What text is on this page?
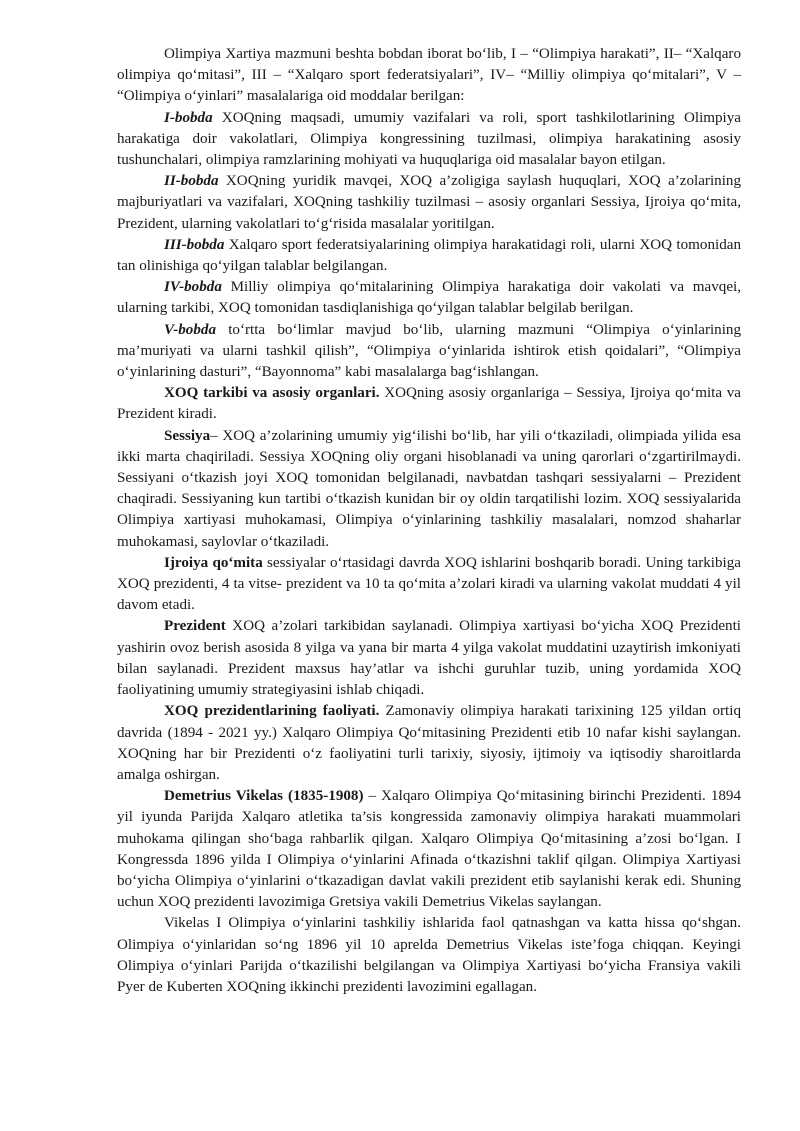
Olimpiya Xartiya mazmuni beshta bobdan iborat bo‘lib, I – “Olimpiya harakati”, II– “Xalqaro olimpiya qo‘mitasi”, III – “Xalqaro sport federatsiyalari”, IV– “Milliy olimpiya qo‘mitalari”, V – “Olimpiya o‘yinlari” masalalariga oid moddalar berilgan:

I-bobda XOQning maqsadi, umumiy vazifalari va roli, sport tashkilotlarining Olimpiya harakatiga doir vakolatlari, Olimpiya kongressining tuzilmasi, olimpiya harakatining asosiy tushunchalari, olimpiya ramzlarining mohiyati va huquqlariga oid masalalar bayon etilgan.

II-bobda XOQning yuridik mavqei, XOQ a’zoligiga saylash huquqlari, XOQ a’zolarining majburiyatlari va vazifalari, XOQning tashkiliy tuzilmasi – asosiy organlari Sessiya, Ijroiya qo‘mita, Prezident, ularning vakolatlari to‘g‘risida masalalar yoritilgan.

III-bobda Xalqaro sport federatsiyalarining olimpiya harakatidagi roli, ularni XOQ tomonidan tan olinishiga qo‘yilgan talablar belgilangan.

IV-bobda Milliy olimpiya qo‘mitalarining Olimpiya harakatiga doir vakolati va mavqei, ularning tarkibi, XOQ tomonidan tasdiqlanishiga qo‘yilgan talablar belgilab berilgan.

V-bobda to‘rtta bo‘limlar mavjud bo‘lib, ularning mazmuni “Olimpiya o‘yinlarining ma’muriyati va ularni tashkil qilish”, “Olimpiya o‘yinlarida ishtirok etish qoidalari”, “Olimpiya o‘yinlarining dasturi”, “Bayonnoma” kabi masalalarga bag‘ishlangan.

XOQ tarkibi va asosiy organlari. XOQning asosiy organlariga – Sessiya, Ijroiya qo‘mita va Prezident kiradi.

Sessiya– XOQ a’zolarining umumiy yig‘ilishi bo‘lib, har yili o‘tkaziladi, olimpiada yilida esa ikki marta chaqiriladi. Sessiya XOQning oliy organi hisoblanadi va uning qarorlari o‘zgartirilmaydi. Sessiyani o‘tkazish joyi XOQ tomonidan belgilanadi, navbatdan tashqari sessiyalarni – Prezident chaqiradi. Sessiyaning kun tartibi o‘tkazish kunidan bir oy oldin tarqatilishi lozim. XOQ sessiyalarida Olimpiya xartiyasi muhokamasi, Olimpiya o‘yinlarining tashkiliy masalalari, nomzod shaharlar muhokamasi, saylovlar o‘tkaziladi.

Ijroiya qo‘mita sessiyalar o‘rtasidagi davrda XOQ ishlarini boshqarib boradi. Uning tarkibiga XOQ prezidenti, 4 ta vitse- prezident va 10 ta qo‘mita a’zolari kiradi va ularning vakolat muddati 4 yil davom etadi.

Prezident XOQ a’zolari tarkibidan saylanadi. Olimpiya xartiyasi bo‘yicha XOQ Prezidenti yashirin ovoz berish asosida 8 yilga va yana bir marta 4 yilga vakolat muddatini uzaytirish imkoniyati bilan saylanadi. Prezident maxsus hay’atlar va ishchi guruhlar tuzib, uning yordamida XOQ faoliyatining umumiy strategiyasini ishlab chiqadi.

XOQ prezidentlarining faoliyati. Zamonaviy olimpiya harakati tarixining 125 yildan ortiq davrida (1894 - 2021 yy.) Xalqaro Olimpiya Qo‘mitasining Prezidenti etib 10 nafar kishi saylangan. XOQning har bir Prezidenti o‘z faoliyatini turli tarixiy, siyosiy, ijtimoiy va iqtisodiy sharoitlarda amalga oshirgan.

Demetrius Vikelas (1835-1908) – Xalqaro Olimpiya Qo‘mitasining birinchi Prezidenti. 1894 yil iyunda Parijda Xalqaro atletika ta’sis kongressida zamonaviy olimpiya harakati muammolari muhokama qilingan sho‘baga rahbarlik qilgan. Xalqaro Olimpiya Qo‘mitasining a’zosi bo‘lgan. I Kongressda 1896 yilda I Olimpiya o‘yinlarini Afinada o‘tkazishni taklif qilgan. Olimpiya Xartiyasi bo‘yicha Olimpiya o‘yinlarini o‘tkazadigan davlat vakili prezident etib saylanishi kerak edi. Shuning uchun XOQ prezidenti lavozimiga Gretsiya vakili Demetrius Vikelas saylangan.

Vikelas I Olimpiya o‘yinlarini tashkiliy ishlarida faol qatnashgan va katta hissa qo‘shgan. Olimpiya o‘yinlaridan so‘ng 1896 yil 10 aprelda Demetrius Vikelas iste’foga chiqqan. Keyingi Olimpiya o‘yinlari Parijda o‘tkazilishi belgilangan va Olimpiya Xartiyasi bo‘yicha Fransiya vakili Pyer de Kuberten XOQning ikkinchi prezidenti lavozimini egallagan.
